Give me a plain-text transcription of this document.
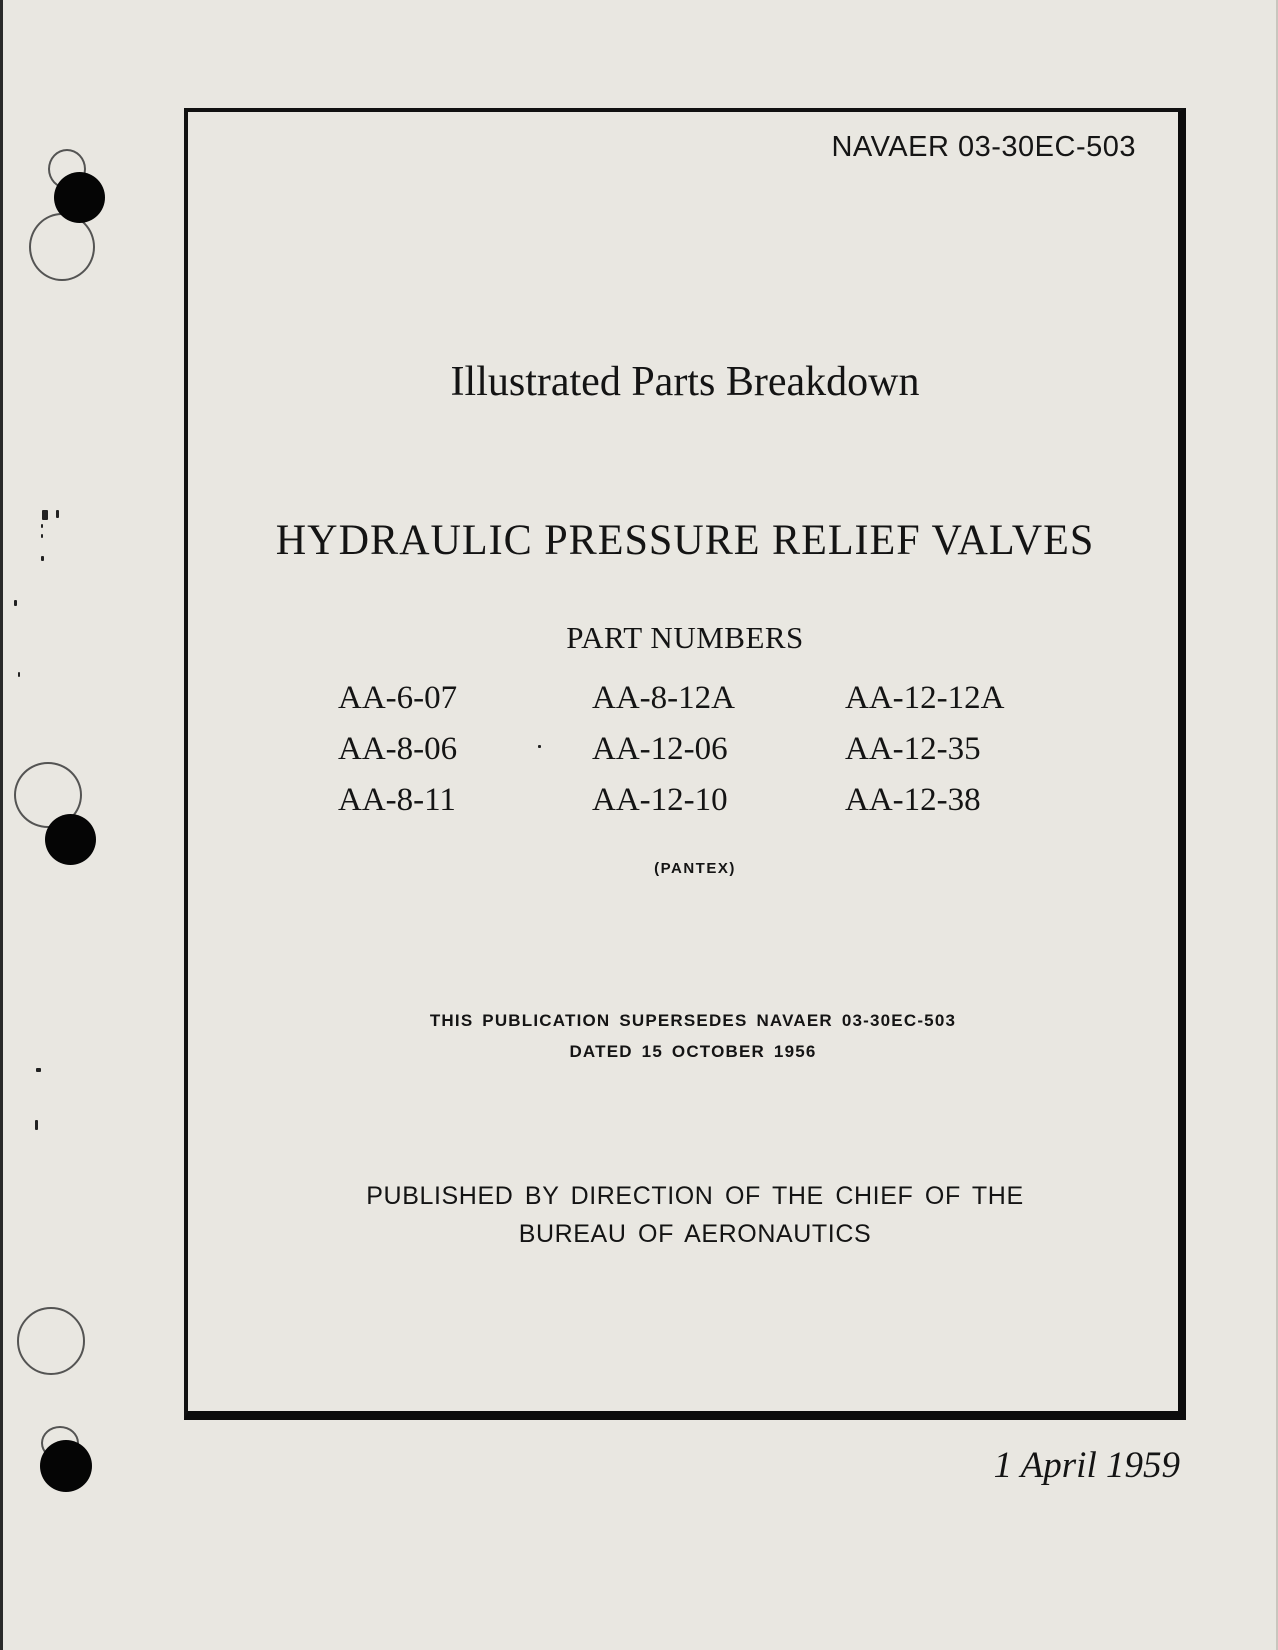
NAVAER 03-30EC-503
Illustrated Parts Breakdown
HYDRAULIC PRESSURE RELIEF VALVES
PART NUMBERS
AA-6-07	AA-8-12A	AA-12-12A
AA-8-06	AA-12-06	AA-12-35
AA-8-11	AA-12-10	AA-12-38
(PANTEX)
THIS PUBLICATION SUPERSEDES NAVAER 03-30EC-503
DATED 15 OCTOBER 1956
PUBLISHED BY DIRECTION OF THE CHIEF OF THE
BUREAU OF AERONAUTICS
1 April 1959
